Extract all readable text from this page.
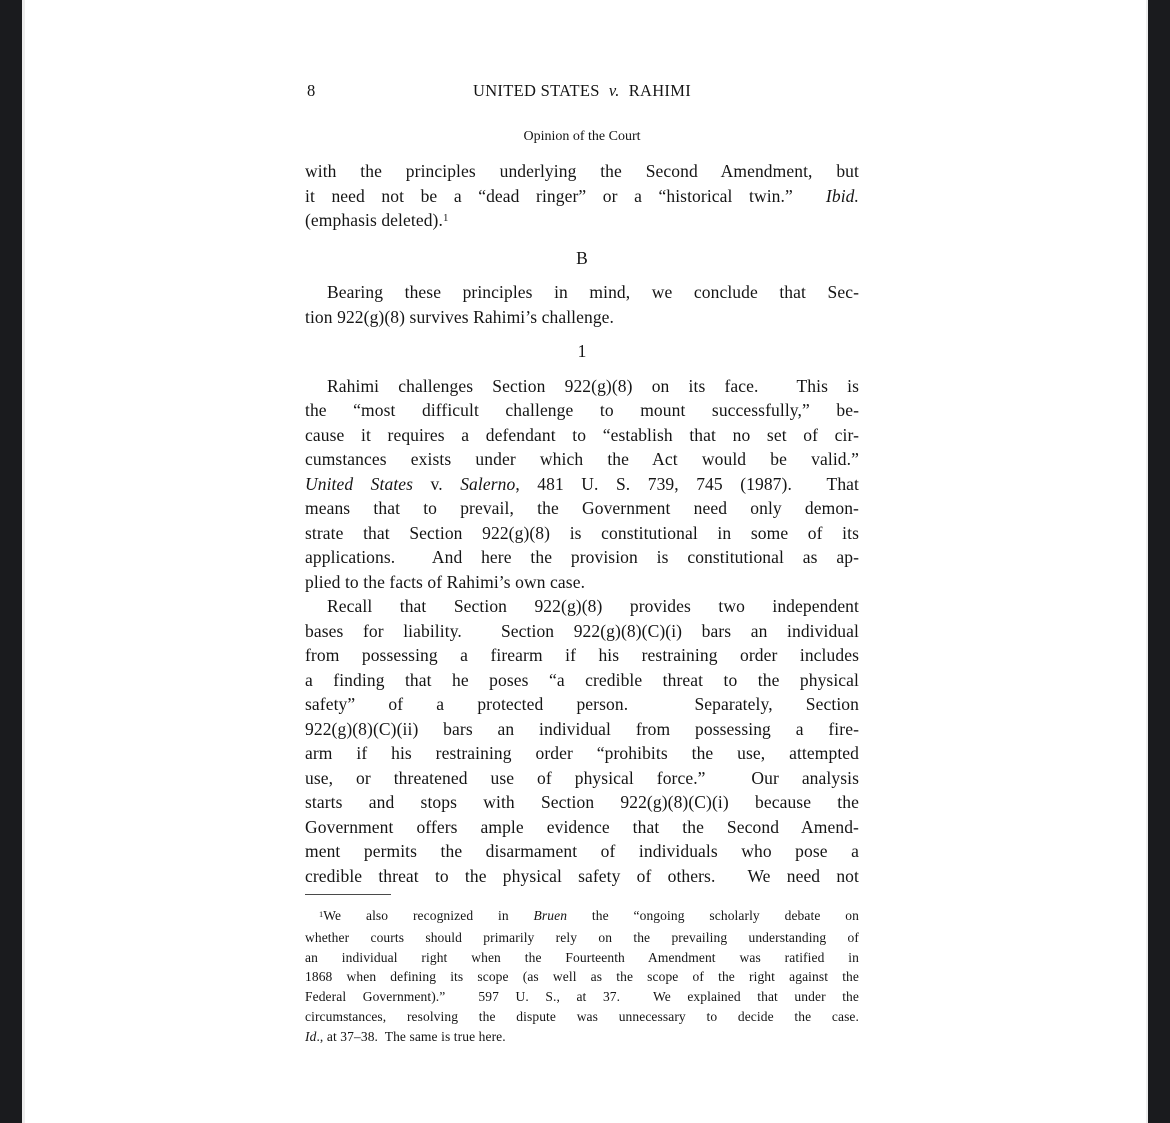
8	UNITED STATES v. RAHIMI
Opinion of the Court
with the principles underlying the Second Amendment, but
it need not be a “dead ringer” or a “historical twin.”  Ibid.
(emphasis deleted).$^1$
B
Bearing these principles in mind, we conclude that Sec-
tion 922(g)(8) survives Rahimi’s challenge.
1
Rahimi challenges Section 922(g)(8) on its face.  This is
the “most difficult challenge to mount successfully,” be-
cause it requires a defendant to “establish that no set of cir-
cumstances exists under which the Act would be valid.”
United States v. Salerno, 481 U. S. 739, 745 (1987).  That
means that to prevail, the Government need only demon-
strate that Section 922(g)(8) is constitutional in some of its
applications.  And here the provision is constitutional as ap-
plied to the facts of Rahimi’s own case.
Recall that Section 922(g)(8) provides two independent
bases for liability.  Section 922(g)(8)(C)(i) bars an individual
from possessing a firearm if his restraining order includes
a finding that he poses “a credible threat to the physical
safety” of a protected person.  Separately, Section
922(g)(8)(C)(ii) bars an individual from possessing a fire-
arm if his restraining order “prohibits the use, attempted
use, or threatened use of physical force.”  Our analysis
starts and stops with Section 922(g)(8)(C)(i) because the
Government offers ample evidence that the Second Amend-
ment permits the disarmament of individuals who pose a
credible threat to the physical safety of others.  We need not
$^1$We also recognized in Bruen the “ongoing scholarly debate on
whether courts should primarily rely on the prevailing understanding of
an individual right when the Fourteenth Amendment was ratified in
1868 when defining its scope (as well as the scope of the right against the
Federal Government).”  597 U. S., at 37.  We explained that under the
circumstances, resolving the dispute was unnecessary to decide the case.
Id., at 37–38.  The same is true here.
